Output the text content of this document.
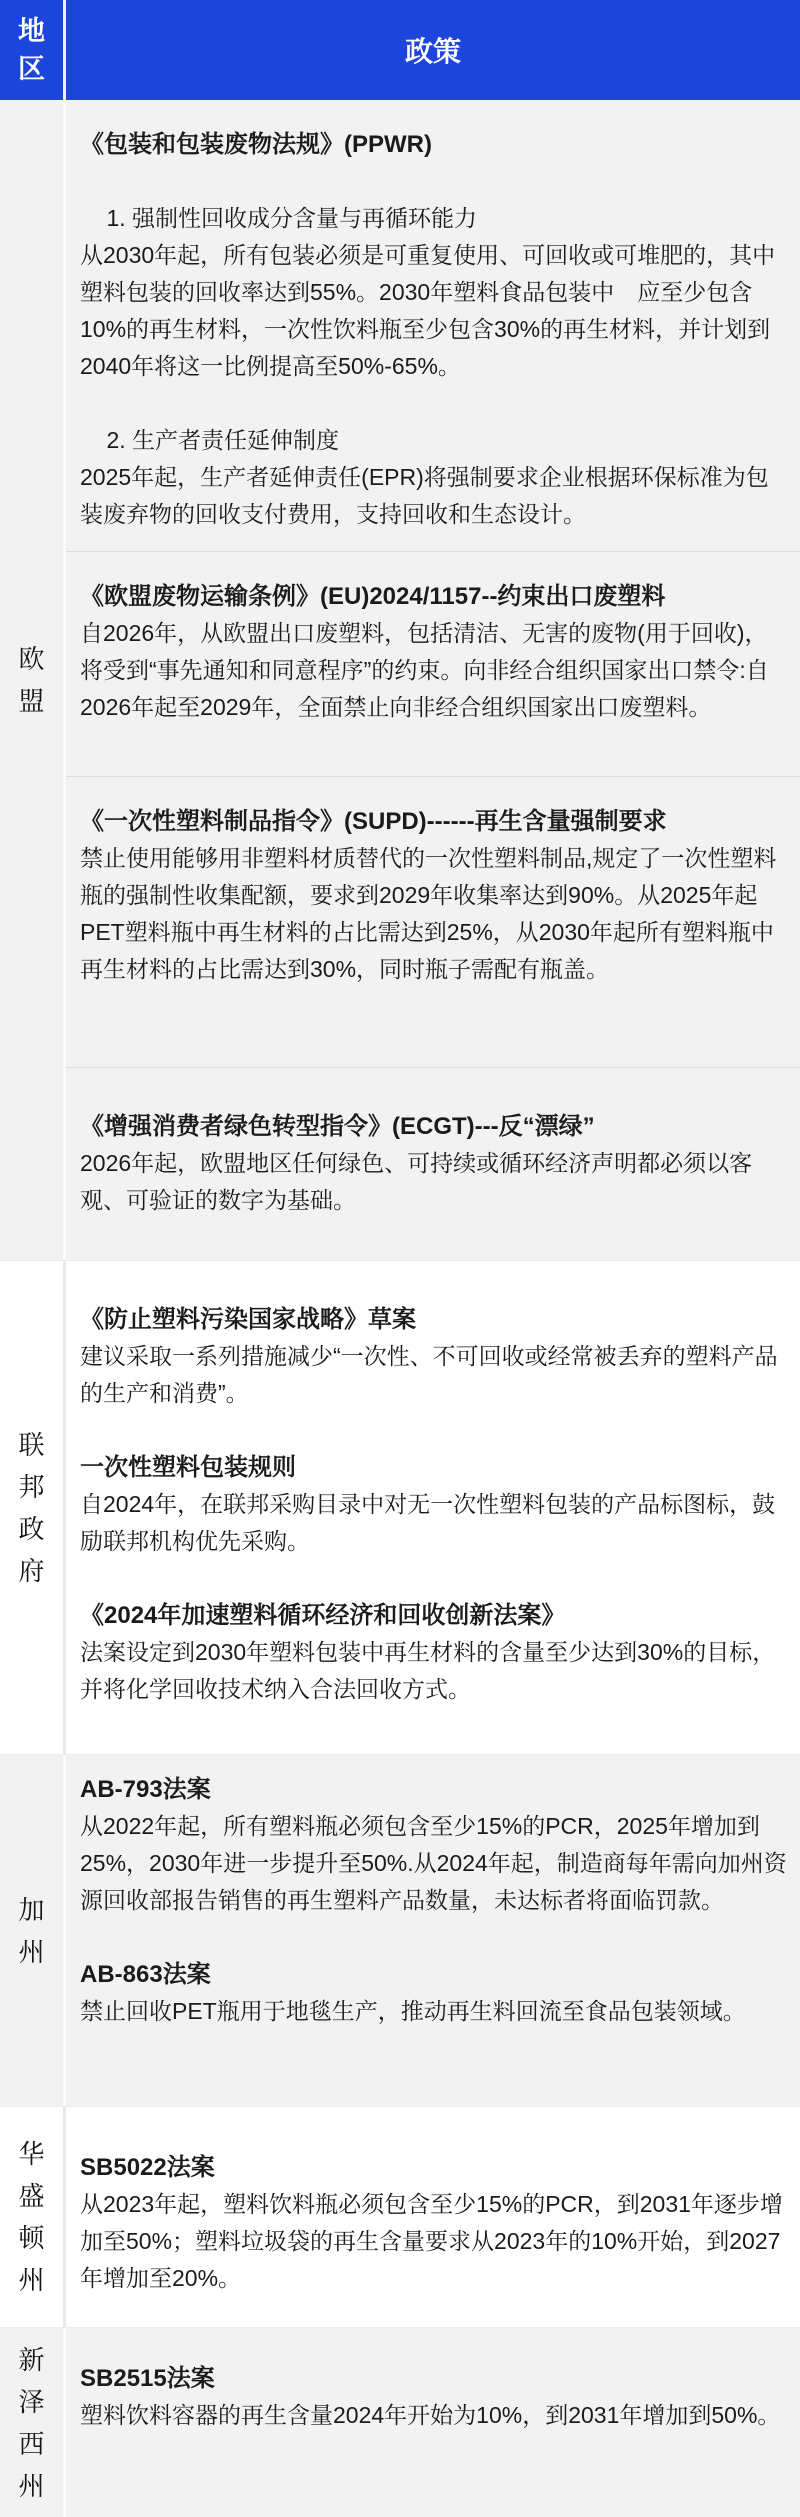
地区
政策
欧盟

《包装和包装废物法规》(PPWR)

1. 强制性回收成分含量与再循环能力

从2030年起，所有包装必须是可重复使用、可回收或可堆肥的，其中塑料包装的回收率达到55%。2030年塑料食品包装中　应至少包含10%的再生材料，一次性饮料瓶至少包含30%的再生材料，并计划到2040年将这一比例提高至50%-65%。

2. 生产者责任延伸制度

2025年起，生产者延伸责任(EPR)将强制要求企业根据环保标准为包装废弃物的回收支付费用，支持回收和生态设计。

《欧盟废物运输条例》(EU)2024/1157--约束出口废塑料

自2026年，从欧盟出口废塑料，包括清洁、无害的废物(用于回收)，将受到“事先通知和同意程序”的约束。向非经合组织国家出口禁令:自2026年起至2029年，全面禁止向非经合组织国家出口废塑料。

《一次性塑料制品指令》(SUPD)------再生含量强制要求

禁止使用能够用非塑料材质替代的一次性塑料制品,规定了一次性塑料瓶的强制性收集配额，要求到2029年收集率达到90%。从2025年起PET塑料瓶中再生材料的占比需达到25%，从2030年起所有塑料瓶中再生材料的占比需达到30%，同时瓶子需配有瓶盖。

《增强消费者绿色转型指令》(ECGT)---反“漂绿”

2026年起，欧盟地区任何绿色、可持续或循环经济声明都必须以客观、可验证的数字为基础。

联邦政府

《防止塑料污染国家战略》草案

建议采取一系列措施减少“一次性、不可回收或经常被丢弃的塑料产品的生产和消费”。

一次性塑料包装规则

自2024年，在联邦采购目录中对无一次性塑料包装的产品标图标，鼓励联邦机构优先采购。

《2024年加速塑料循环经济和回收创新法案》

法案设定到2030年塑料包装中再生材料的含量至少达到30%的目标，并将化学回收技术纳入合法回收方式。

加州

AB-793法案

从2022年起，所有塑料瓶必须包含至少15%的PCR，2025年增加到25%，2030年进一步提升至50%.从2024年起，制造商每年需向加州资源回收部报告销售的再生塑料产品数量，未达标者将面临罚款。

AB-863法案

禁止回收PET瓶用于地毯生产，推动再生料回流至食品包装领域。

华盛顿州

SB5022法案

从2023年起，塑料饮料瓶必须包含至少15%的PCR，到2031年逐步增加至50%；塑料垃圾袋的再生含量要求从2023年的10%开始，到2027年增加至20%。

新泽西州

SB2515法案

塑料饮料容器的再生含量2024年开始为10%，到2031年增加到50%。
